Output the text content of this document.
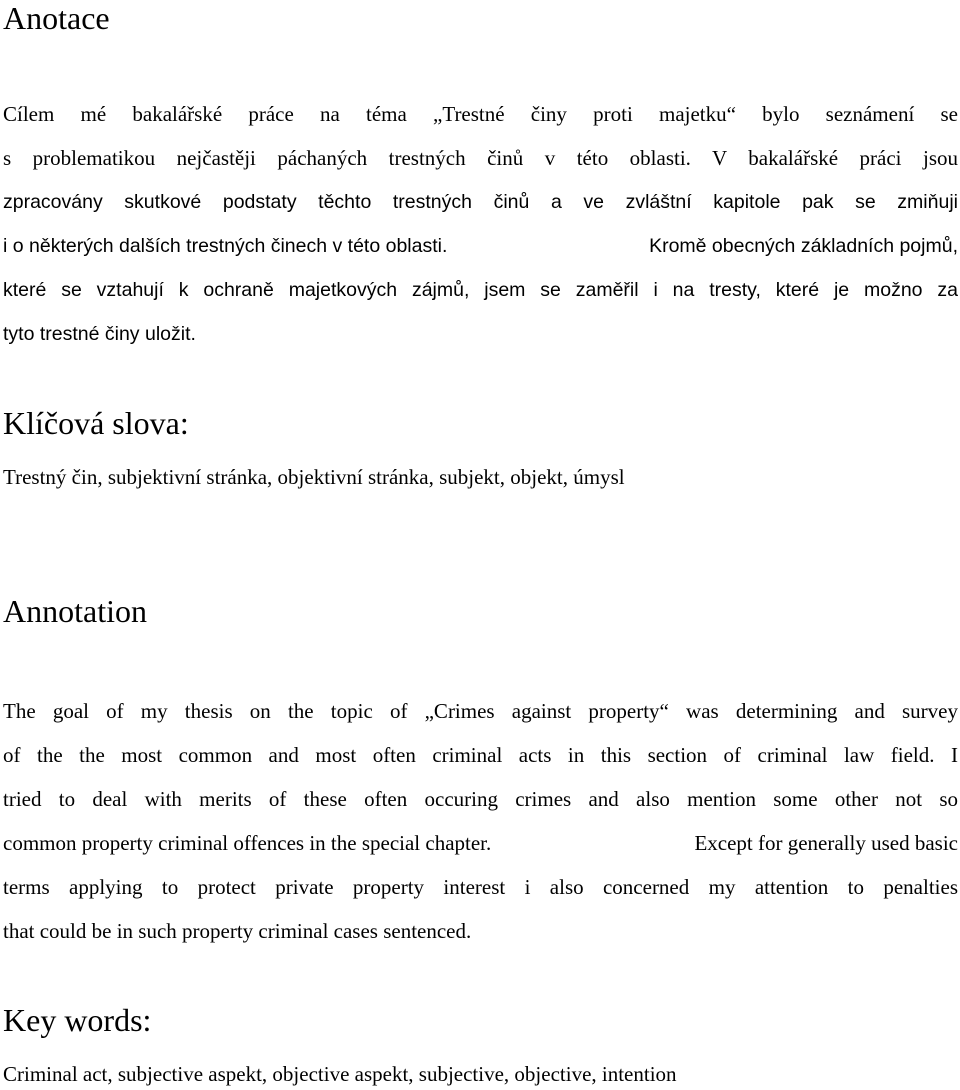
Anotace
Cílem mé bakalářské práce na téma „Trestné činy proti majetku“ bylo seznámení se
s problematikou nejčastěji páchaných trestných činů v této oblasti. V bakalářské práci jsou
zpracovány skutkové podstaty těchto trestných činů a ve zvláštní kapitole pak se zmiňuji
i o některých dalších trestných činech v této oblasti.	Kromě obecných základních pojmů,
které se vztahují k ochraně majetkových zájmů, jsem se zaměřil i na tresty, které je možno za
tyto trestné činy uložit.
Klíčová slova:

Trestný čin, subjektivní stránka, objektivní stránka, subjekt, objekt, úmysl

Annotation
The goal of my thesis on the topic of „Crimes against property“ was determining and survey
of the the most common and most often criminal acts in this section of criminal law field. I
tried to deal with merits of these often occuring crimes and also mention some other not so
common property criminal offences in the special chapter.	Except for generally used basic
terms applying to protect private property interest i also concerned my attention to penalties
that could be in such property criminal cases sentenced.
Key words:

Criminal act, subjective aspekt, objective aspekt, subjective, objective, intention
